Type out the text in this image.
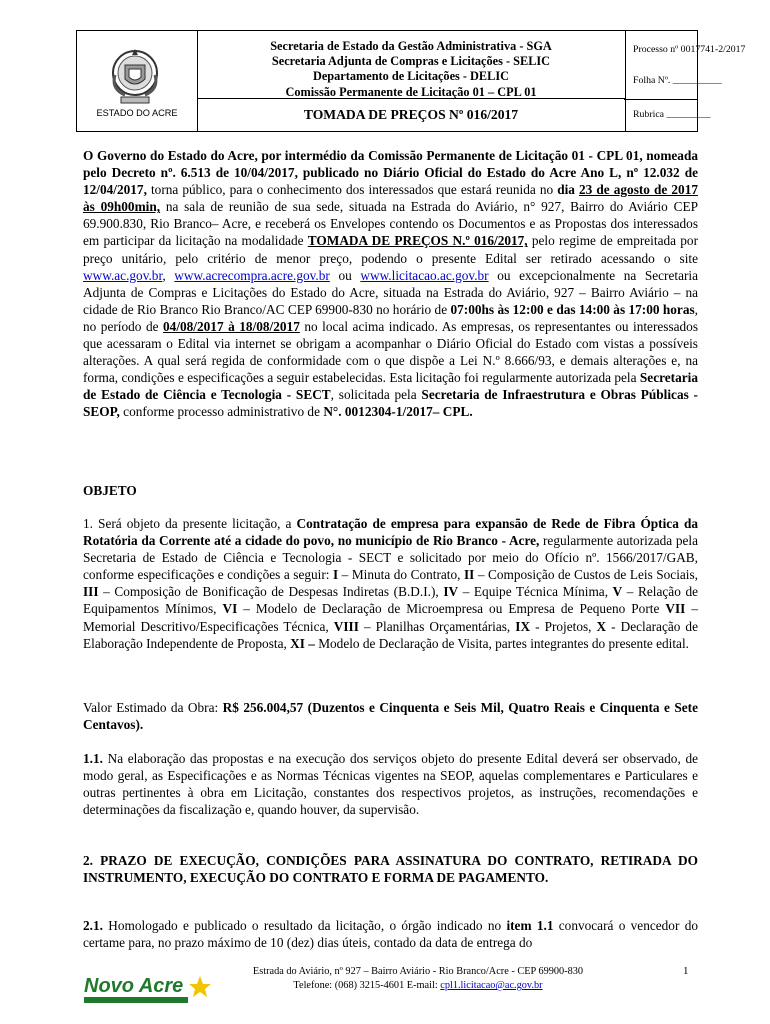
ESTADO DO ACRE
Secretaria de Estado da Gestão Administrativa - SGA
Secretaria Adjunta de Compras e Licitações - SELIC
Departamento de Licitações - DELIC
Comissão Permanente de Licitação 01 – CPL 01
TOMADA DE PREÇOS Nº 016/2017
Processo nº 0017741-2/2017
Folha Nº. __________
Rubrica _________

O Governo do Estado do Acre, por intermédio da Comissão Permanente de Licitação 01 - CPL 01, nomeada pelo Decreto nº. 6.513 de 10/04/2017, publicado no Diário Oficial do Estado do Acre Ano L, nº 12.032 de 12/04/2017, torna público, para o conhecimento dos interessados que estará reunida no dia 23 de agosto de 2017 às 09h00min, na sala de reunião de sua sede, situada na Estrada do Aviário, n° 927, Bairro do Aviário CEP 69.900.830, Rio Branco– Acre, e receberá os Envelopes contendo os Documentos e as Propostas dos interessados em participar da licitação na modalidade TOMADA DE PREÇOS N.º 016/2017, pelo regime de empreitada por preço unitário, pelo critério de menor preço, podendo o presente Edital ser retirado acessando o site www.ac.gov.br, www.acrecompra.acre.gov.br ou www.licitacao.ac.gov.br ou excepcionalmente na Secretaria Adjunta de Compras e Licitações do Estado do Acre, situada na Estrada do Aviário, 927 – Bairro Aviário – na cidade de Rio Branco Rio Branco/AC CEP 69900-830 no horário de 07:00hs às 12:00 e das 14:00 às 17:00 horas, no período de 04/08/2017 à 18/08/2017 no local acima indicado. As empresas, os representantes ou interessados que acessaram o Edital via internet se obrigam a acompanhar o Diário Oficial do Estado com vistas a possíveis alterações. A qual será regida de conformidade com o que dispõe a Lei N.º 8.666/93, e demais alterações e, na forma, condições e especificações a seguir estabelecidas. Esta licitação foi regularmente autorizada pela Secretaria de Estado de Ciência e Tecnologia - SECT, solicitada pela Secretaria de Infraestrutura e Obras Públicas - SEOP, conforme processo administrativo de N°. 0012304-1/2017– CPL.

OBJETO

1. Será objeto da presente licitação, a Contratação de empresa para expansão de Rede de Fibra Óptica da Rotatória da Corrente até a cidade do povo, no município de Rio Branco - Acre, regularmente autorizada pela Secretaria de Estado de Ciência e Tecnologia - SECT e solicitado por meio do Ofício nº. 1566/2017/GAB, conforme especificações e condições a seguir: I – Minuta do Contrato, II – Composição de Custos de Leis Sociais, III – Composição de Bonificação de Despesas Indiretas (B.D.I.), IV – Equipe Técnica Mínima, V – Relação de Equipamentos Mínimos, VI – Modelo de Declaração de Microempresa ou Empresa de Pequeno Porte VII – Memorial Descritivo/Especificações Técnica, VIII – Planilhas Orçamentárias, IX - Projetos, X - Declaração de Elaboração Independente de Proposta, XI – Modelo de Declaração de Visita, partes integrantes do presente edital.

Valor Estimado da Obra: R$ 256.004,57 (Duzentos e Cinquenta e Seis Mil, Quatro Reais e Cinquenta e Sete Centavos).

1.1. Na elaboração das propostas e na execução dos serviços objeto do presente Edital deverá ser observado, de modo geral, as Especificações e as Normas Técnicas vigentes na SEOP, aquelas complementares e Particulares e outras pertinentes à obra em Licitação, constantes dos respectivos projetos, as instruções, recomendações e determinações da fiscalização e, quando houver, da supervisão.

2. PRAZO DE EXECUÇÃO, CONDIÇÕES PARA ASSINATURA DO CONTRATO, RETIRADA DO INSTRUMENTO, EXECUÇÃO DO CONTRATO E FORMA DE PAGAMENTO.

2.1. Homologado e publicado o resultado da licitação, o órgão indicado no item 1.1 convocará o vencedor do certame para, no prazo máximo de 10 (dez) dias úteis, contado da data de entrega do

Novo Acre
Estrada do Aviário, nº 927 – Bairro Aviário - Rio Branco/Acre - CEP 69900-830
Telefone: (068) 3215-4601 E-mail: cpl1.licitacao@ac.gov.br
1
